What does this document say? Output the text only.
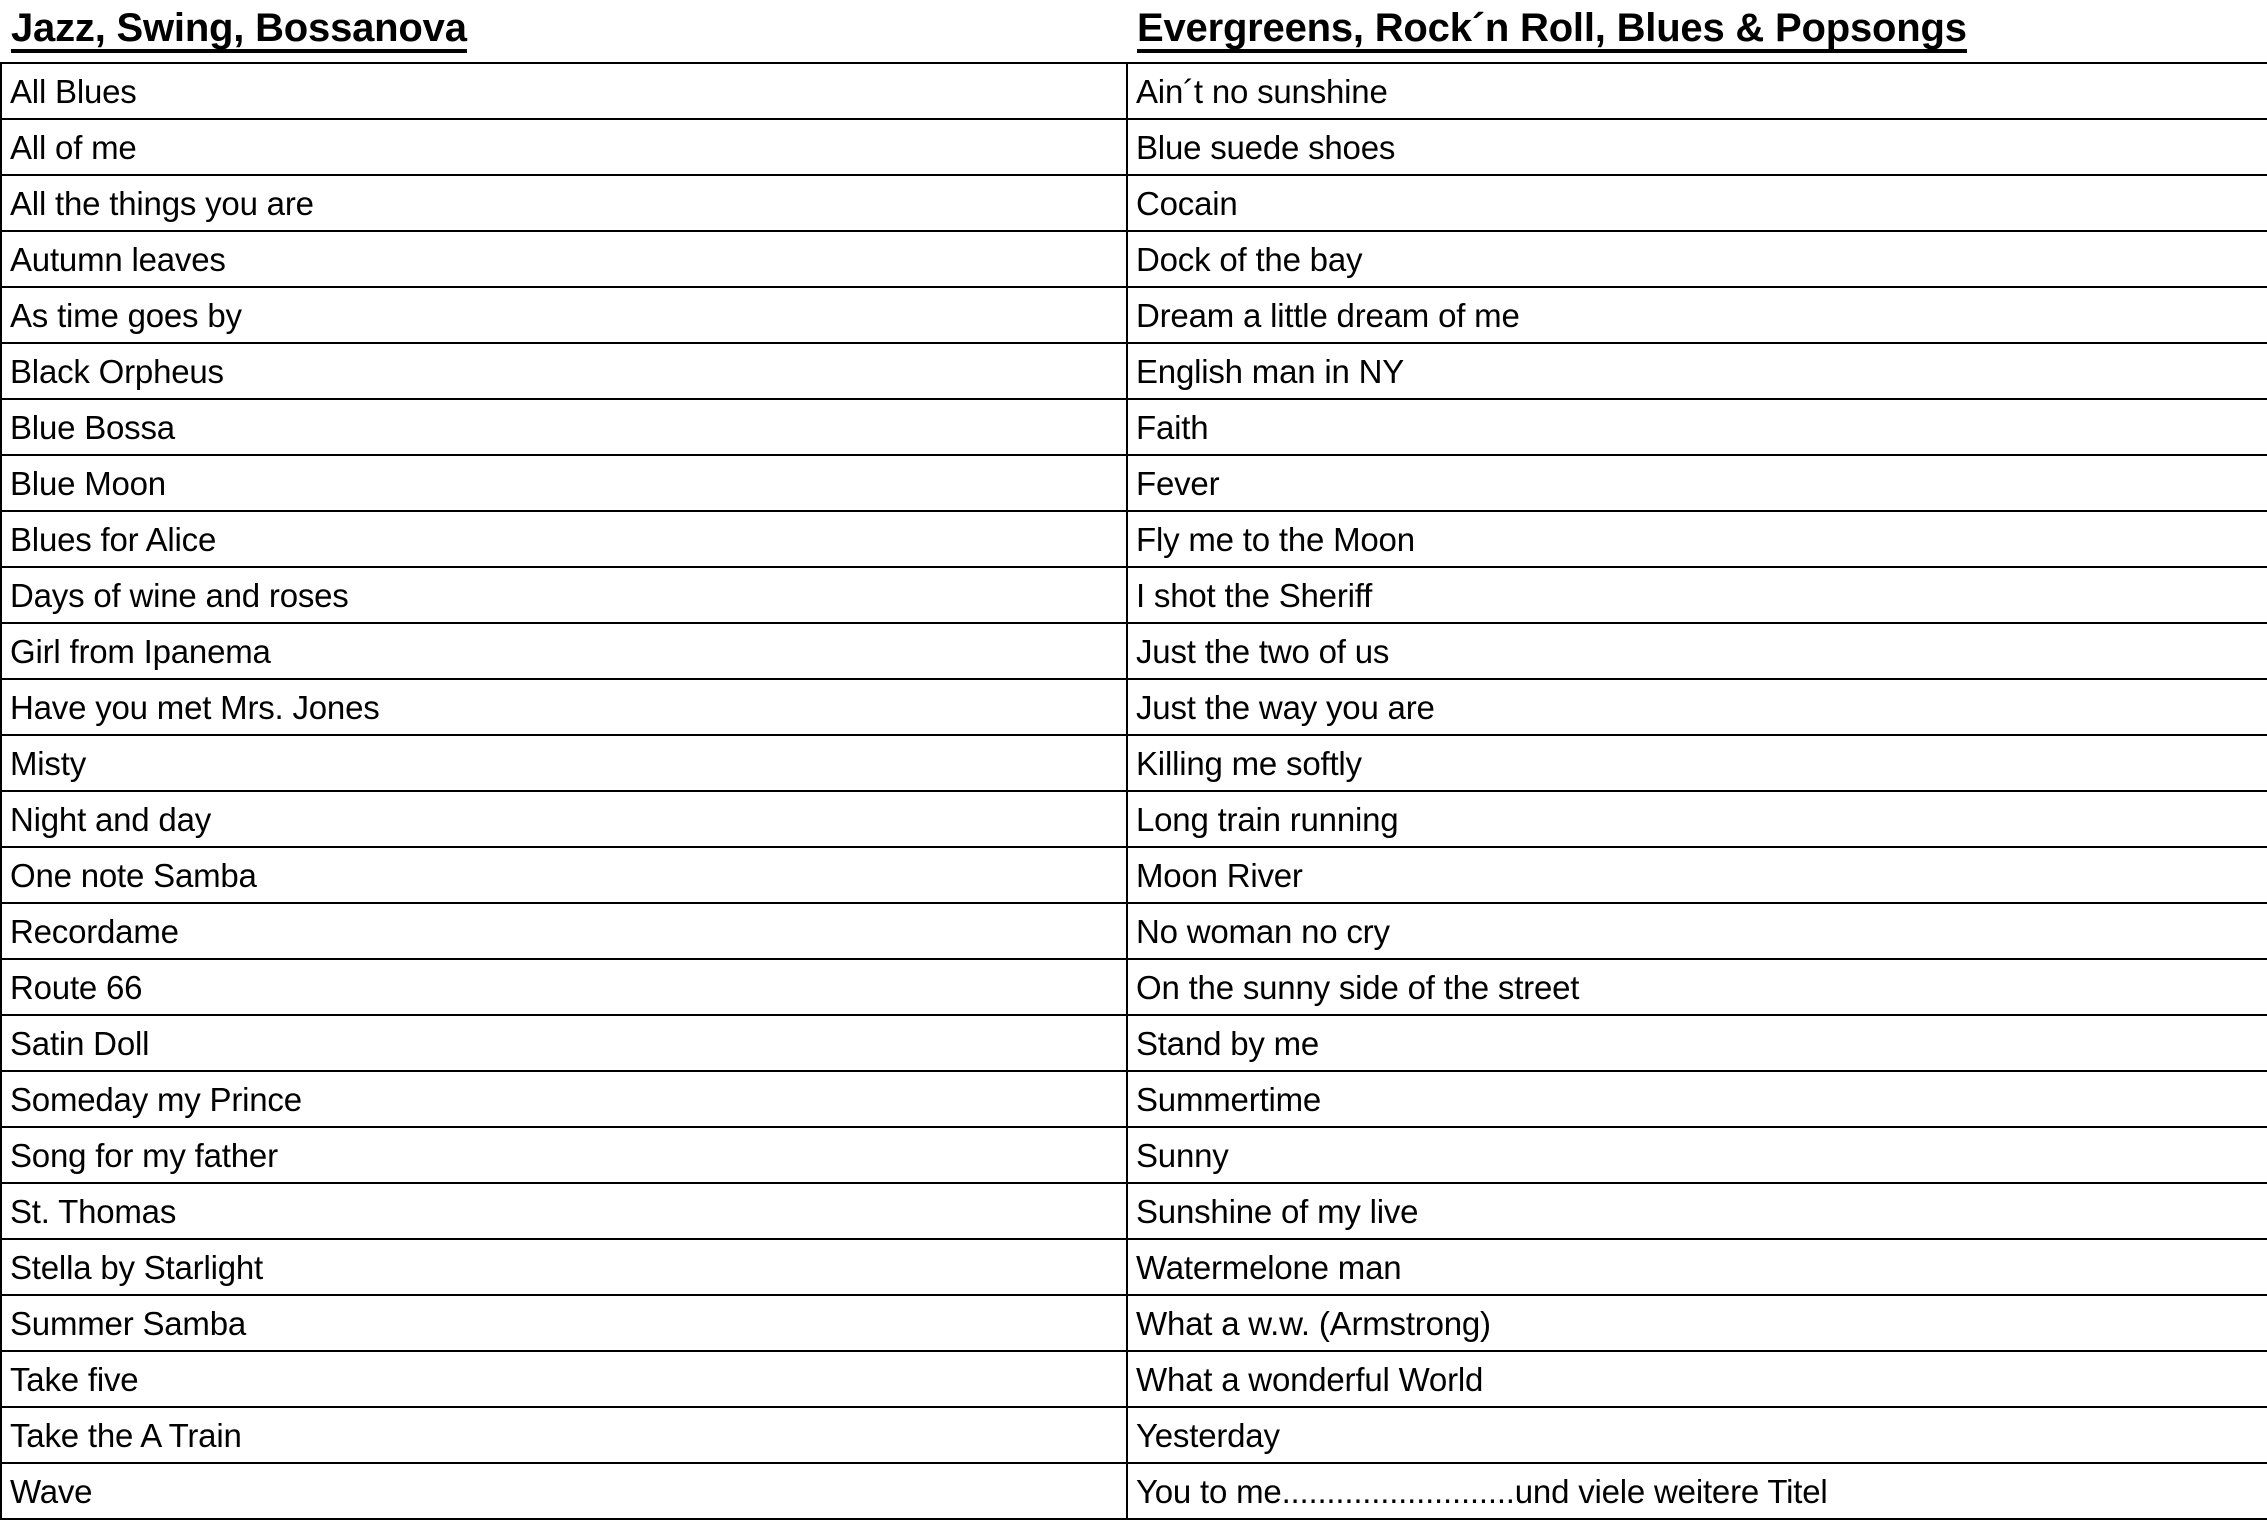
Jazz, Swing, Bossanova	Evergreens, Rock´n Roll, Blues & Popsongs
All Blues	Ain´t no sunshine
All of me	Blue suede shoes
All the things you are	Cocain
Autumn leaves	Dock of the bay
As time goes by	Dream a little dream of me
Black Orpheus	English man in NY
Blue Bossa	Faith
Blue Moon	Fever
Blues for Alice	Fly me to the Moon
Days of wine and roses	I shot the Sheriff
Girl from Ipanema	Just the two of us
Have you met Mrs. Jones	Just the way you are
Misty	Killing me softly
Night and day	Long train running
One note Samba	Moon River
Recordame	No woman no cry
Route 66	On the sunny side of the street
Satin Doll	Stand by me
Someday my Prince	Summertime
Song for my father	Sunny
St. Thomas	Sunshine of my live
Stella by Starlight	Watermelone man
Summer Samba	What a w.w. (Armstrong)
Take five	What a wonderful World
Take the A Train	Yesterday
Wave	You to me..........................und viele weitere Titel
